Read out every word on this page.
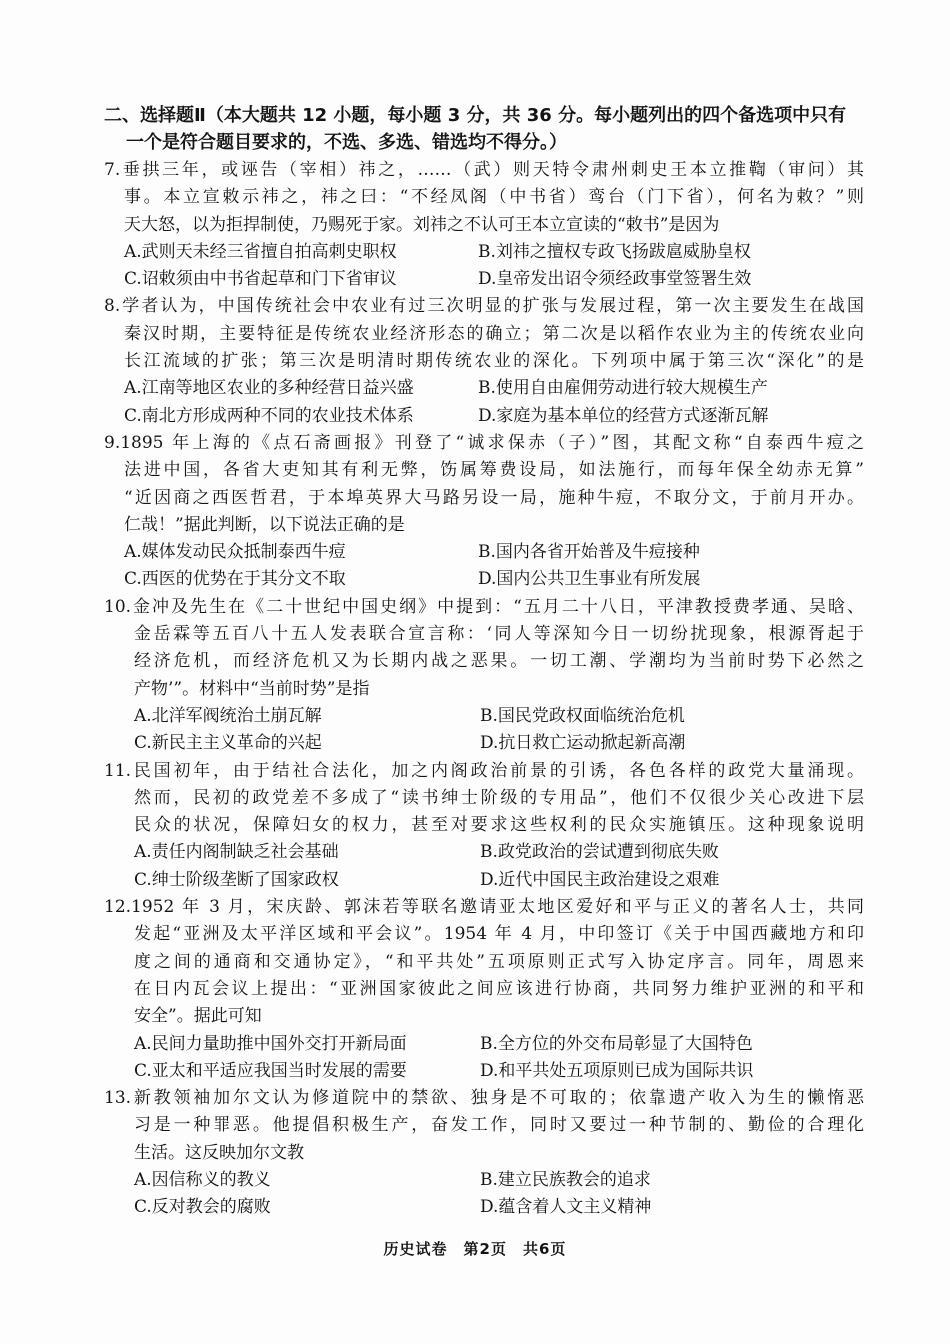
二、选择题Ⅱ（本大题共 12 小题，每小题 3 分，共 36 分。每小题列出的四个备选项中只有
一个是符合题目要求的，不选、多选、错选均不得分。）
7.垂拱三年，或诬告（宰相）祎之，……（武）则天特令肃州刺史王本立推鞫（审问）其
事。本立宣敕示祎之，祎之曰：“不经凤阁（中书省）鸾台（门下省），何名为敕？”则
天大怒，以为拒捍制使，乃赐死于家。刘祎之不认可王本立宣读的“敕书”是因为
A.武则天未经三省擅自拍高刺史职权	B.刘祎之擅权专政飞扬跋扈威胁皇权
C.诏敕须由中书省起草和门下省审议	D.皇帝发出诏令须经政事堂签署生效
8.学者认为，中国传统社会中农业有过三次明显的扩张与发展过程，第一次主要发生在战国
秦汉时期，主要特征是传统农业经济形态的确立；第二次是以稻作农业为主的传统农业向
长江流域的扩张；第三次是明清时期传统农业的深化。下列项中属于第三次“深化”的是
A.江南等地区农业的多种经营日益兴盛	B.使用自由雇佣劳动进行较大规模生产
C.南北方形成两种不同的农业技术体系	D.家庭为基本单位的经营方式逐渐瓦解
9.1895 年上海的《点石斋画报》刊登了“诚求保赤（子）”图，其配文称“自泰西牛痘之
法进中国，各省大吏知其有利无弊，饬属筹费设局，如法施行，而每年保全幼赤无算”
“近因商之西医哲君，于本埠英界大马路另设一局，施种牛痘，不取分文，于前月开办。
仁哉！”据此判断，以下说法正确的是
A.媒体发动民众抵制泰西牛痘	B.国内各省开始普及牛痘接种
C.西医的优势在于其分文不取	D.国内公共卫生事业有所发展
10.金冲及先生在《二十世纪中国史纲》中提到：“五月二十八日，平津教授费孝通、吴晗、
金岳霖等五百八十五人发表联合宣言称：‘同人等深知今日一切纷扰现象，根源胥起于
经济危机，而经济危机又为长期内战之恶果。一切工潮、学潮均为当前时势下必然之
产物’”。材料中“当前时势”是指
A.北洋军阀统治土崩瓦解	B.国民党政权面临统治危机
C.新民主主义革命的兴起	D.抗日救亡运动掀起新高潮
11.民国初年，由于结社合法化，加之内阁政治前景的引诱，各色各样的政党大量涌现。
然而，民初的政党差不多成了“读书绅士阶级的专用品”，他们不仅很少关心改进下层
民众的状况，保障妇女的权力，甚至对要求这些权利的民众实施镇压。这种现象说明
A.责任内阁制缺乏社会基础	B.政党政治的尝试遭到彻底失败
C.绅士阶级垄断了国家政权	D.近代中国民主政治建设之艰难
12.1952 年 3 月，宋庆龄、郭沫若等联名邀请亚太地区爱好和平与正义的著名人士，共同
发起“亚洲及太平洋区域和平会议”。1954 年 4 月，中印签订《关于中国西藏地方和印
度之间的通商和交通协定》，“和平共处”五项原则正式写入协定序言。同年，周恩来
在日内瓦会议上提出：“亚洲国家彼此之间应该进行协商，共同努力维护亚洲的和平和
安全”。据此可知
A.民间力量助推中国外交打开新局面	B.全方位的外交布局彰显了大国特色
C.亚太和平适应我国当时发展的需要	D.和平共处五项原则已成为国际共识
13.新教领袖加尔文认为修道院中的禁欲、独身是不可取的；依靠遗产收入为生的懒惰恶
习是一种罪恶。他提倡积极生产，奋发工作，同时又要过一种节制的、勤俭的合理化
生活。这反映加尔文教
A.因信称义的教义	B.建立民族教会的追求
C.反对教会的腐败	D.蕴含着人文主义精神
历史试卷　第2页　共6页
